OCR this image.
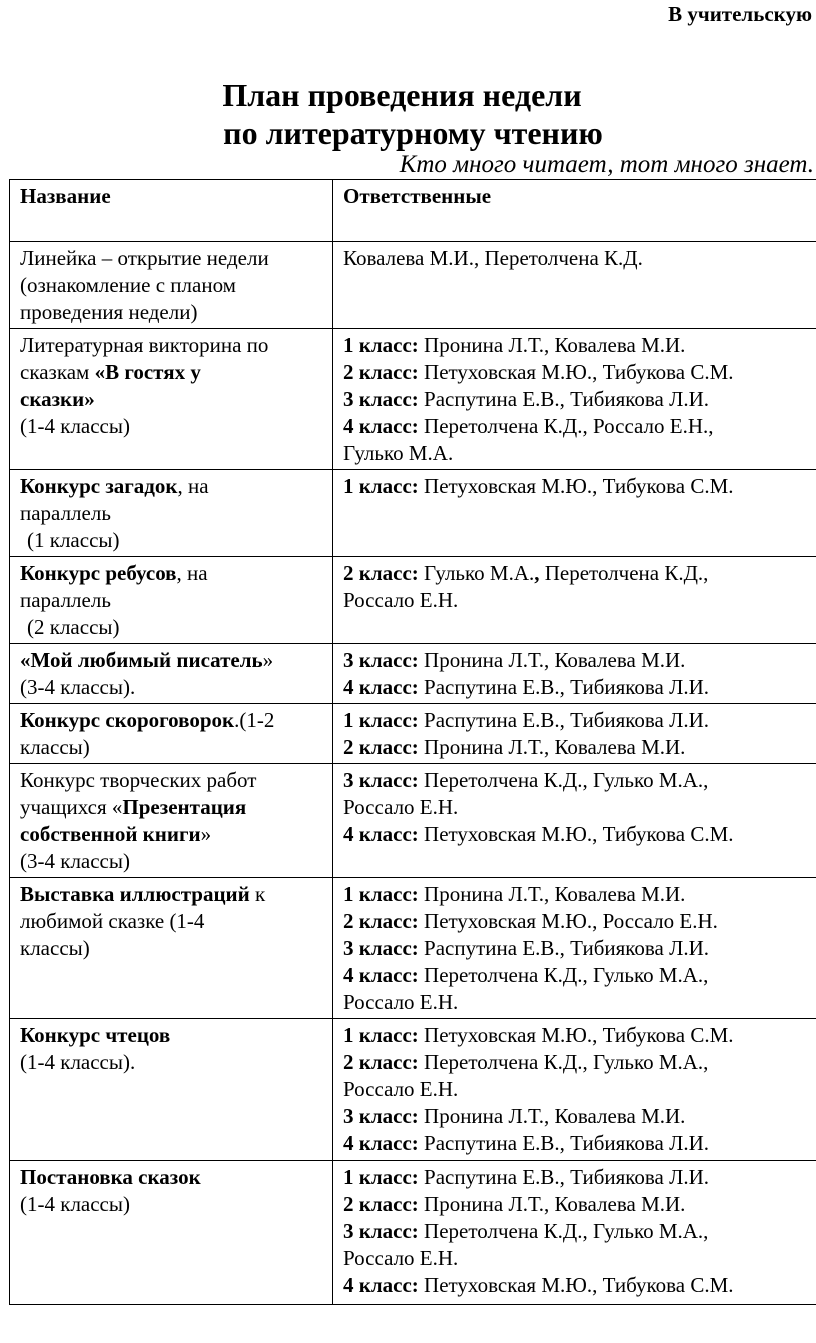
В учительскую
План проведения недели
по литературному чтению
Кто много читает, тот много знает.
Название	Ответственные

Линейка – открытие недели
(ознакомление с планом
проведения недели)	Ковалева М.И., Перетолчена К.Д.

Литературная викторина по
сказкам «В гостях у
сказки»
(1-4 классы)	1 класс: Пронина Л.Т., Ковалева М.И.
2 класс: Петуховская М.Ю., Тибукова С.М.
3 класс: Распутина Е.В., Тибиякова Л.И.
4 класс: Перетолчена К.Д., Россало Е.Н.,
Гулько М.А.

Конкурс загадок, на
параллель
(1 классы)	1 класс: Петуховская М.Ю., Тибукова С.М.

Конкурс ребусов, на
параллель
(2 классы)	2 класс: Гулько М.А., Перетолчена К.Д.,
Россало Е.Н.

«Мой любимый писатель»
(3-4 классы).	3 класс: Пронина Л.Т., Ковалева М.И.
4 класс: Распутина Е.В., Тибиякова Л.И.

Конкурс скороговорок.(1-2
классы)	1 класс: Распутина Е.В., Тибиякова Л.И.
2 класс: Пронина Л.Т., Ковалева М.И.

Конкурс творческих работ
учащихся «Презентация
собственной книги»
(3-4 классы)	3 класс: Перетолчена К.Д., Гулько М.А.,
Россало Е.Н.
4 класс: Петуховская М.Ю., Тибукова С.М.

Выставка иллюстраций к
любимой сказке (1-4
классы)	1 класс: Пронина Л.Т., Ковалева М.И.
2 класс: Петуховская М.Ю., Россало Е.Н.
3 класс: Распутина Е.В., Тибиякова Л.И.
4 класс: Перетолчена К.Д., Гулько М.А.,
Россало Е.Н.

Конкурс чтецов
(1-4 классы).	1 класс: Петуховская М.Ю., Тибукова С.М.
2 класс: Перетолчена К.Д., Гулько М.А.,
Россало Е.Н.
3 класс: Пронина Л.Т., Ковалева М.И.
4 класс: Распутина Е.В., Тибиякова Л.И.

Постановка сказок
(1-4 классы)	1 класс: Распутина Е.В., Тибиякова Л.И.
2 класс: Пронина Л.Т., Ковалева М.И.
3 класс: Перетолчена К.Д., Гулько М.А.,
Россало Е.Н.
4 класс: Петуховская М.Ю., Тибукова С.М.
